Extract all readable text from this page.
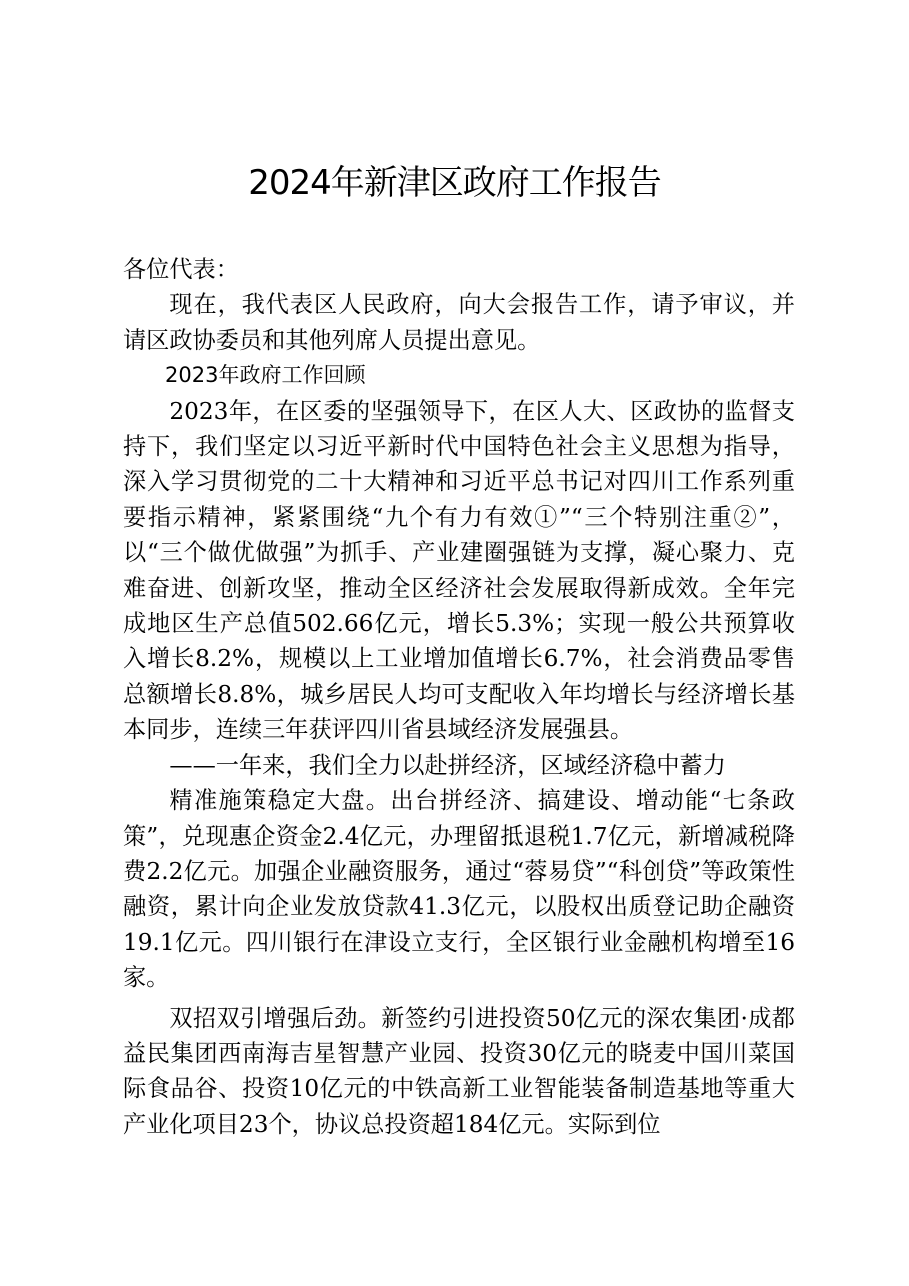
2024年新津区政府工作报告

各位代表：

现在，我代表区人民政府，向大会报告工作，请予审议，并请区政协委员和其他列席人员提出意见。

2023年政府工作回顾

2023年，在区委的坚强领导下，在区人大、区政协的监督支持下，我们坚定以习近平新时代中国特色社会主义思想为指导，深入学习贯彻党的二十大精神和习近平总书记对四川工作系列重要指示精神，紧紧围绕“九个有力有效①”“三个特别注重②”，以“三个做优做强”为抓手、产业建圈强链为支撑，凝心聚力、克难奋进、创新攻坚，推动全区经济社会发展取得新成效。全年完成地区生产总值502.66亿元，增长5.3%；实现一般公共预算收入增长8.2%，规模以上工业增加值增长6.7%，社会消费品零售总额增长8.8%，城乡居民人均可支配收入年均增长与经济增长基本同步，连续三年获评四川省县域经济发展强县。

——一年来，我们全力以赴拼经济，区域经济稳中蓄力

精准施策稳定大盘。出台拼经济、搞建设、增动能“七条政策”，兑现惠企资金2.4亿元，办理留抵退税1.7亿元，新增减税降费2.2亿元。加强企业融资服务，通过“蓉易贷”“科创贷”等政策性融资，累计向企业发放贷款41.3亿元，以股权出质登记助企融资19.1亿元。四川银行在津设立支行，全区银行业金融机构增至16家。

双招双引增强后劲。新签约引进投资50亿元的深农集团·成都益民集团西南海吉星智慧产业园、投资30亿元的晓麦中国川菜国际食品谷、投资10亿元的中铁高新工业智能装备制造基地等重大产业化项目23个，协议总投资超184亿元。实际到位
